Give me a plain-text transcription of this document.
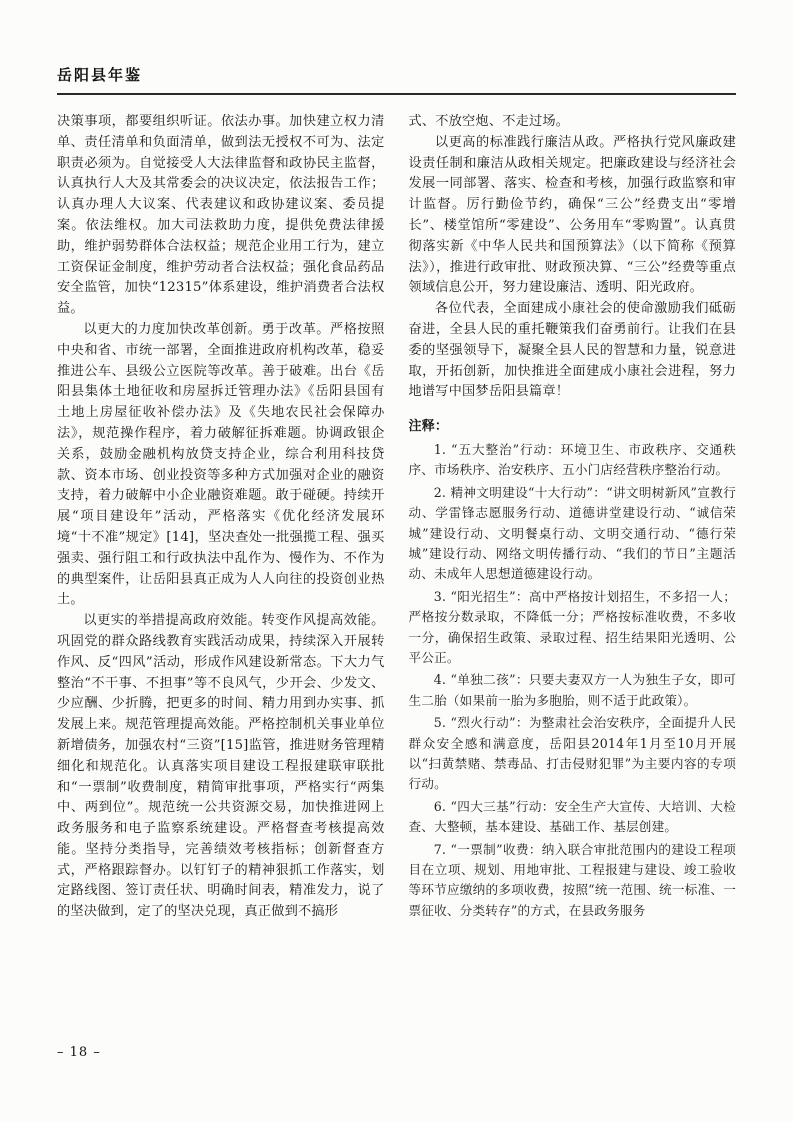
岳阳县年鉴

决策事项，都要组织听证。依法办事。加快建立权力清单、责任清单和负面清单，做到法无授权不可为、法定职责必须为。自觉接受人大法律监督和政协民主监督，认真执行人大及其常委会的决议决定，依法报告工作；认真办理人大议案、代表建议和政协建议案、委员提案。依法维权。加大司法救助力度，提供免费法律援助，维护弱势群体合法权益；规范企业用工行为，建立工资保证金制度，维护劳动者合法权益；强化食品药品安全监管，加快“12315”体系建设，维护消费者合法权益。

以更大的力度加快改革创新。勇于改革。严格按照中央和省、市统一部署，全面推进政府机构改革，稳妥推进公车、县级公立医院等改革。善于破难。出台《岳阳县集体土地征收和房屋拆迁管理办法》《岳阳县国有土地上房屋征收补偿办法》及《失地农民社会保障办法》，规范操作程序，着力破解征拆难题。协调政银企关系，鼓励金融机构放贷支持企业，综合利用科技贷款、资本市场、创业投资等多种方式加强对企业的融资支持，着力破解中小企业融资难题。敢于碰硬。持续开展“项目建设年”活动，严格落实《优化经济发展环境“十不准”规定》[14]，坚决查处一批强揽工程、强买强卖、强行阻工和行政执法中乱作为、慢作为、不作为的典型案件，让岳阳县真正成为人人向往的投资创业热土。

以更实的举措提高政府效能。转变作风提高效能。巩固党的群众路线教育实践活动成果，持续深入开展转作风、反“四风”活动，形成作风建设新常态。下大力气整治“不干事、不担事”等不良风气，少开会、少发文、少应酬、少折腾，把更多的时间、精力用到办实事、抓发展上来。规范管理提高效能。严格控制机关事业单位新增债务，加强农村“三资”[15]监管，推进财务管理精细化和规范化。认真落实项目建设工程报建联审联批和“一票制”收费制度，精简审批事项，严格实行“两集中、两到位”。规范统一公共资源交易，加快推进网上政务服务和电子监察系统建设。严格督查考核提高效能。坚持分类指导，完善绩效考核指标；创新督查方式，严格跟踪督办。以钉钉子的精神狠抓工作落实，划定路线图、签订责任状、明确时间表，精准发力，说了的坚决做到，定了的坚决兑现，真正做到不搞形

式、不放空炮、不走过场。

以更高的标准践行廉洁从政。严格执行党风廉政建设责任制和廉洁从政相关规定。把廉政建设与经济社会发展一同部署、落实、检查和考核，加强行政监察和审计监督。厉行勤俭节约，确保“三公”经费支出“零增长”、楼堂馆所“零建设”、公务用车“零购置”。认真贯彻落实新《中华人民共和国预算法》（以下简称《预算法》），推进行政审批、财政预决算、“三公”经费等重点领域信息公开，努力建设廉洁、透明、阳光政府。

各位代表，全面建成小康社会的使命激励我们砥砺奋进，全县人民的重托鞭策我们奋勇前行。让我们在县委的坚强领导下，凝聚全县人民的智慧和力量，锐意进取，开拓创新，加快推进全面建成小康社会进程，努力地谱写中国梦岳阳县篇章！

注释：

1. “五大整治”行动：环境卫生、市政秩序、交通秩序、市场秩序、治安秩序、五小门店经营秩序整治行动。

2. 精神文明建设“十大行动”：“讲文明树新风”宣教行动、学雷锋志愿服务行动、道德讲堂建设行动、“诚信荣城”建设行动、文明餐桌行动、文明交通行动、“德行荣城”建设行动、网络文明传播行动、“我们的节日”主题活动、未成年人思想道德建设行动。

3. “阳光招生”：高中严格按计划招生，不多招一人；严格按分数录取，不降低一分；严格按标准收费，不多收一分，确保招生政策、录取过程、招生结果阳光透明、公平公正。

4. “单独二孩”：只要夫妻双方一人为独生子女，即可生二胎（如果前一胎为多胞胎，则不适于此政策）。

5. “烈火行动”：为整肃社会治安秩序，全面提升人民群众安全感和满意度，岳阳县2014年1月至10月开展以“扫黄禁赌、禁毒品、打击侵财犯罪”为主要内容的专项行动。

6. “四大三基”行动：安全生产大宣传、大培训、大检查、大整顿，基本建设、基础工作、基层创建。

7. “一票制”收费：纳入联合审批范围内的建设工程项目在立项、规划、用地审批、工程报建与建设、竣工验收等环节应缴纳的多项收费，按照“统一范围、统一标准、一票征收、分类转存”的方式，在县政务服务

– 18 –
